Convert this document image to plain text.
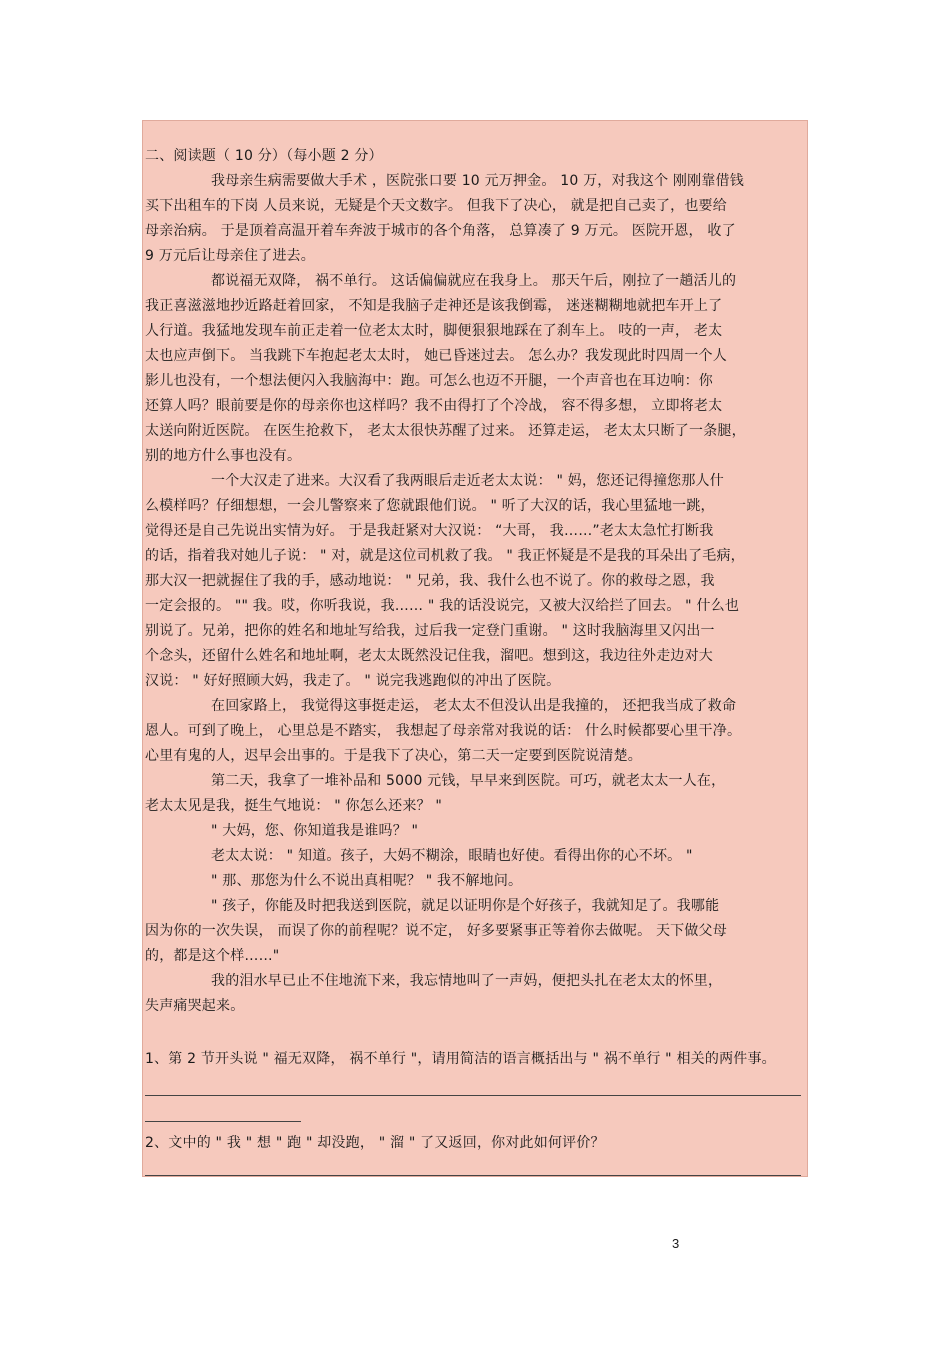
二、阅读题（ 10 分）（每小题 2 分）
我母亲生病需要做大手术 ，医院张口要 10 元万押金。 10 万，对我这个 刚刚靠借钱
买下出租车的下岗 人员来说，无疑是个天文数字。 但我下了决心， 就是把自己卖了，也要给
母亲治病。 于是顶着高温开着车奔波于城市的各个角落， 总算凑了 9 万元。 医院开恩， 收了
9 万元后让母亲住了进去。
都说福无双降， 祸不单行。 这话偏偏就应在我身上。 那天午后，刚拉了一趟活儿的
我正喜滋滋地抄近路赶着回家， 不知是我脑子走神还是该我倒霉， 迷迷糊糊地就把车开上了
人行道。我猛地发现车前正走着一位老太太时，脚便狠狠地踩在了刹车上。 吱的一声， 老太
太也应声倒下。 当我跳下车抱起老太太时， 她已昏迷过去。 怎么办？我发现此时四周一个人
影儿也没有，一个想法便闪入我脑海中：跑。可怎么也迈不开腿，一个声音也在耳边响：你
还算人吗？眼前要是你的母亲你也这样吗？我不由得打了个冷战， 容不得多想， 立即将老太
太送向附近医院。 在医生抢救下， 老太太很快苏醒了过来。 还算走运， 老太太只断了一条腿，
别的地方什么事也没有。
一个大汉走了进来。大汉看了我两眼后走近老太太说： " 妈，您还记得撞您那人什
么模样吗？仔细想想，一会儿警察来了您就跟他们说。 " 听了大汉的话，我心里猛地一跳，
觉得还是自己先说出实情为好。 于是我赶紧对大汉说： “大哥， 我……”老太太急忙打断我
的话，指着我对她儿子说： " 对，就是这位司机救了我。 " 我正怀疑是不是我的耳朵出了毛病，
那大汉一把就握住了我的手，感动地说： " 兄弟，我、我什么也不说了。你的救母之恩，我
一定会报的。 "" 我。哎，你听我说，我…… " 我的话没说完，又被大汉给拦了回去。 " 什么也
别说了。兄弟，把你的姓名和地址写给我，过后我一定登门重谢。 " 这时我脑海里又闪出一
个念头，还留什么姓名和地址啊，老太太既然没记住我，溜吧。想到这，我边往外走边对大
汉说： " 好好照顾大妈，我走了。 " 说完我逃跑似的冲出了医院。
在回家路上， 我觉得这事挺走运， 老太太不但没认出是我撞的， 还把我当成了救命
恩人。可到了晚上， 心里总是不踏实， 我想起了母亲常对我说的话： 什么时候都要心里干净。
心里有鬼的人，迟早会出事的。于是我下了决心，第二天一定要到医院说清楚。
第二天，我拿了一堆补品和 5000 元钱，早早来到医院。可巧，就老太太一人在，
老太太见是我，挺生气地说： " 你怎么还来？ "
" 大妈，您、你知道我是谁吗？ "
老太太说： " 知道。孩子，大妈不糊涂，眼睛也好使。看得出你的心不坏。 "
" 那、那您为什么不说出真相呢？ " 我不解地问。
" 孩子，你能及时把我送到医院，就足以证明你是个好孩子，我就知足了。我哪能
因为你的一次失误， 而误了你的前程呢？说不定， 好多要紧事正等着你去做呢。 天下做父母
的，都是这个样……"
我的泪水早已止不住地流下来，我忘情地叫了一声妈，便把头扎在老太太的怀里，
失声痛哭起来。
1、第 2 节开头说 " 福无双降， 祸不单行 "，请用简洁的语言概括出与 " 祸不单行 " 相关的两件事。
2、文中的 " 我 " 想 " 跑 " 却没跑， " 溜 " 了又返回，你对此如何评价？
3
